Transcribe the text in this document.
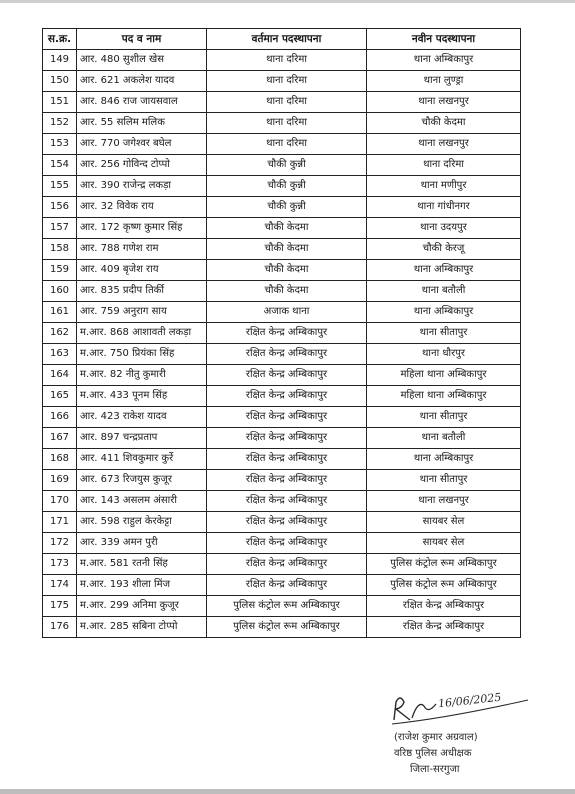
स.क्र.	पद व नाम	वर्तमान पदस्थापना	नवीन पदस्थापना
149	आर. 480 सुशील खेस	थाना दरिमा	थाना अम्बिकापुर
150	आर. 621 अकलेश यादव	थाना दरिमा	थाना लुण्ड्रा
151	आर. 846 राज जायसवाल	थाना दरिमा	थाना लखनपुर
152	आर. 55 सलिम मलिक	थाना दरिमा	चौकी केदमा
153	आर. 770 जगेश्वर बघेल	थाना दरिमा	थाना लखनपुर
154	आर. 256 गोविन्द टोप्पो	चौकी कुन्नी	थाना दरिमा
155	आर. 390 राजेन्द्र लकड़ा	चौकी कुन्नी	थाना मणीपुर
156	आर. 32 विवेक राय	चौकी कुन्नी	थाना गांधीनगर
157	आर. 172 कृष्ण कुमार सिंह	चौकी केदमा	थाना उदयपुर
158	आर. 788 गणेश राम	चौकी केदमा	चौकी केरजू
159	आर. 409 बृजेश राय	चौकी केदमा	थाना अम्बिकापुर
160	आर. 835 प्रदीप तिर्की	चौकी केदमा	थाना बतौली
161	आर. 759 अनुराग साय	अजाक थाना	थाना अम्बिकापुर
162	म.आर. 868 आशावती लकड़ा	रक्षित केन्द्र अम्बिकापुर	थाना सीतापुर
163	म.आर. 750 प्रियंका सिंह	रक्षित केन्द्र अम्बिकापुर	थाना धौरपुर
164	म.आर. 82 नीतु कुमारी	रक्षित केन्द्र अम्बिकापुर	महिला थाना अम्बिकापुर
165	म.आर. 433 पूनम सिंह	रक्षित केन्द्र अम्बिकापुर	महिला थाना अम्बिकापुर
166	आर. 423 राकेश यादव	रक्षित केन्द्र अम्बिकापुर	थाना सीतापुर
167	आर. 897 चन्द्रप्रताप	रक्षित केन्द्र अम्बिकापुर	थाना बतौली
168	आर. 411 शिवकुमार कुर्रे	रक्षित केन्द्र अम्बिकापुर	थाना अम्बिकापुर
169	आर. 673 रिजयुस कुजूर	रक्षित केन्द्र अम्बिकापुर	थाना सीतापुर
170	आर. 143 असलम अंसारी	रक्षित केन्द्र अम्बिकापुर	थाना लखनपुर
171	आर. 598 राहुल केरकेट्टा	रक्षित केन्द्र अम्बिकापुर	सायबर सेल
172	आर. 339 अमन पुरी	रक्षित केन्द्र अम्बिकापुर	सायबर सेल
173	म.आर. 581 रतनी सिंह	रक्षित केन्द्र अम्बिकापुर	पुलिस कंट्रोल रूम अम्बिकापुर
174	म.आर. 193 शीला मिंज	रक्षित केन्द्र अम्बिकापुर	पुलिस कंट्रोल रूम अम्बिकापुर
175	म.आर. 299 अनिमा कुजूर	पुलिस कंट्रोल रूम अम्बिकापुर	रक्षित केन्द्र अम्बिकापुर
176	म.आर. 285 सबिना टोप्पो	पुलिस कंट्रोल रूम अम्बिकापुर	रक्षित केन्द्र अम्बिकापुर
16/06/2025
(राजेश कुमार अग्रवाल)
वरिष्ठ पुलिस अधीक्षक
जिला-सरगुजा
